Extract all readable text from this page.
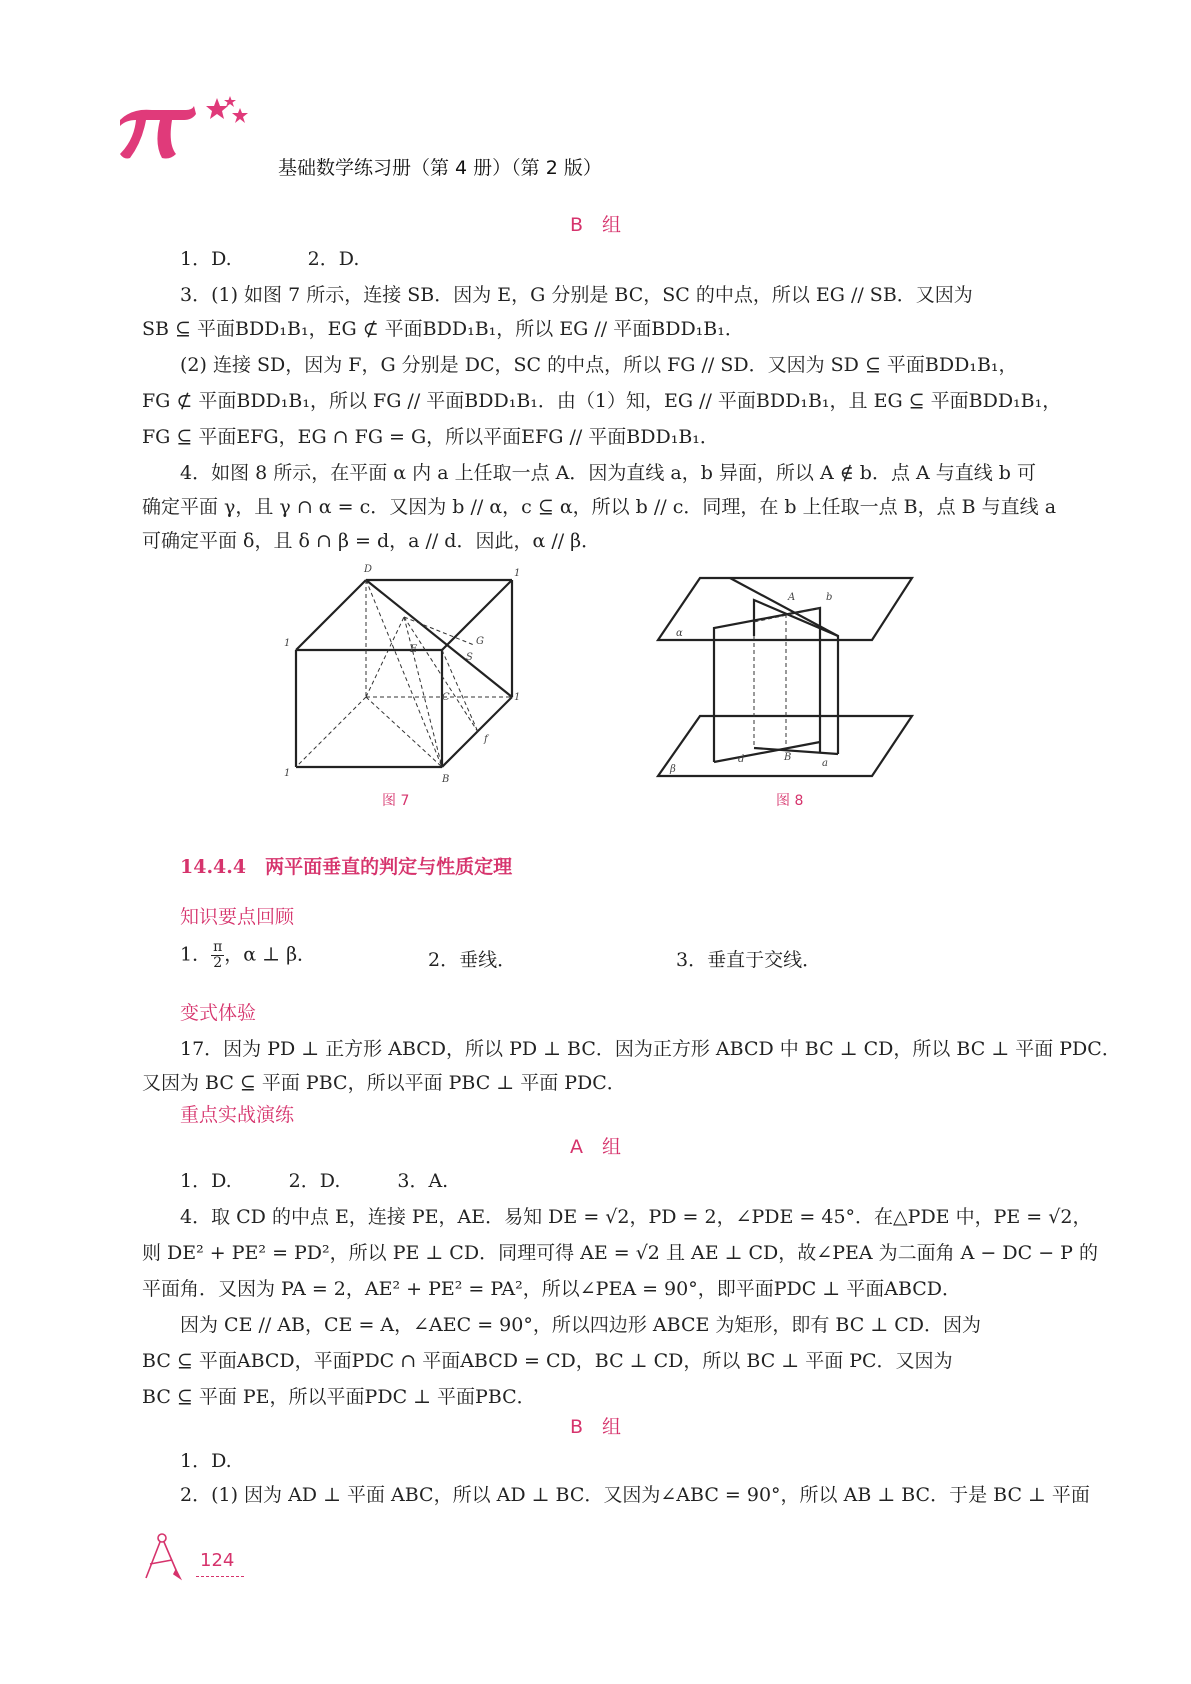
基础数学练习册（第 4 册）（第 2 版）
B　组
1．D.　　　　2．D.
3．(1) 如图 7 所示，连接 SB．因为 E，G 分别是 BC，SC 的中点，所以 EG // SB．又因为
SB ⊆ 平面BDD₁B₁，EG ⊄ 平面BDD₁B₁，所以 EG // 平面BDD₁B₁．
(2) 连接 SD，因为 F，G 分别是 DC，SC 的中点，所以 FG // SD．又因为 SD ⊆ 平面BDD₁B₁，
FG ⊄ 平面BDD₁B₁，所以 FG // 平面BDD₁B₁．由（1）知，EG // 平面BDD₁B₁，且 EG ⊆ 平面BDD₁B₁，
FG ⊆ 平面EFG，EG ∩ FG = G，所以平面EFG // 平面BDD₁B₁．
4．如图 8 所示，在平面 α 内 a 上任取一点 A．因为直线 a，b 异面，所以 A ∉ b．点 A 与直线 b 可
确定平面 γ，且 γ ∩ α = c．又因为 b // α，c ⊆ α，所以 b // c．同理，在 b 上任取一点 B，点 B 与直线 a
可确定平面 δ，且 δ ∩ β = d，a // d．因此，α // β．
D
1
1
1
1
E
G
S
f
B
C
图 7
α
β
A	b
d	B
a
图 8
14.4.4　两平面垂直的判定与性质定理
知识要点回顾
1． $\frac{\pi}{2}$ ，α ⊥ β．	2．垂线．	3．垂直于交线．
变式体验
17．因为 PD ⊥ 正方形 ABCD，所以 PD ⊥ BC．因为正方形 ABCD 中 BC ⊥ CD，所以 BC ⊥ 平面 PDC．
又因为 BC ⊆ 平面 PBC，所以平面 PBC ⊥ 平面 PDC．
重点实战演练
A　组
1．D.　　　2．D.　　　3．A.
4．取 CD 的中点 E，连接 PE，AE．易知 DE = √2，PD = 2，∠PDE = 45°．在△PDE 中，PE = √2，
则 DE² + PE² = PD²，所以 PE ⊥ CD．同理可得 AE = √2 且 AE ⊥ CD，故∠PEA 为二面角 A − DC − P 的
平面角．又因为 PA = 2，AE² + PE² = PA²，所以∠PEA = 90°，即平面PDC ⊥ 平面ABCD．
因为 CE // AB，CE = A，∠AEC = 90°，所以四边形 ABCE 为矩形，即有 BC ⊥ CD．因为
BC ⊆ 平面ABCD，平面PDC ∩ 平面ABCD = CD，BC ⊥ CD，所以 BC ⊥ 平面 PC．又因为
BC ⊆ 平面 PE，所以平面PDC ⊥ 平面PBC．
B　组
1．D.
2．(1) 因为 AD ⊥ 平面 ABC，所以 AD ⊥ BC．又因为∠ABC = 90°，所以 AB ⊥ BC．于是 BC ⊥ 平面
124
